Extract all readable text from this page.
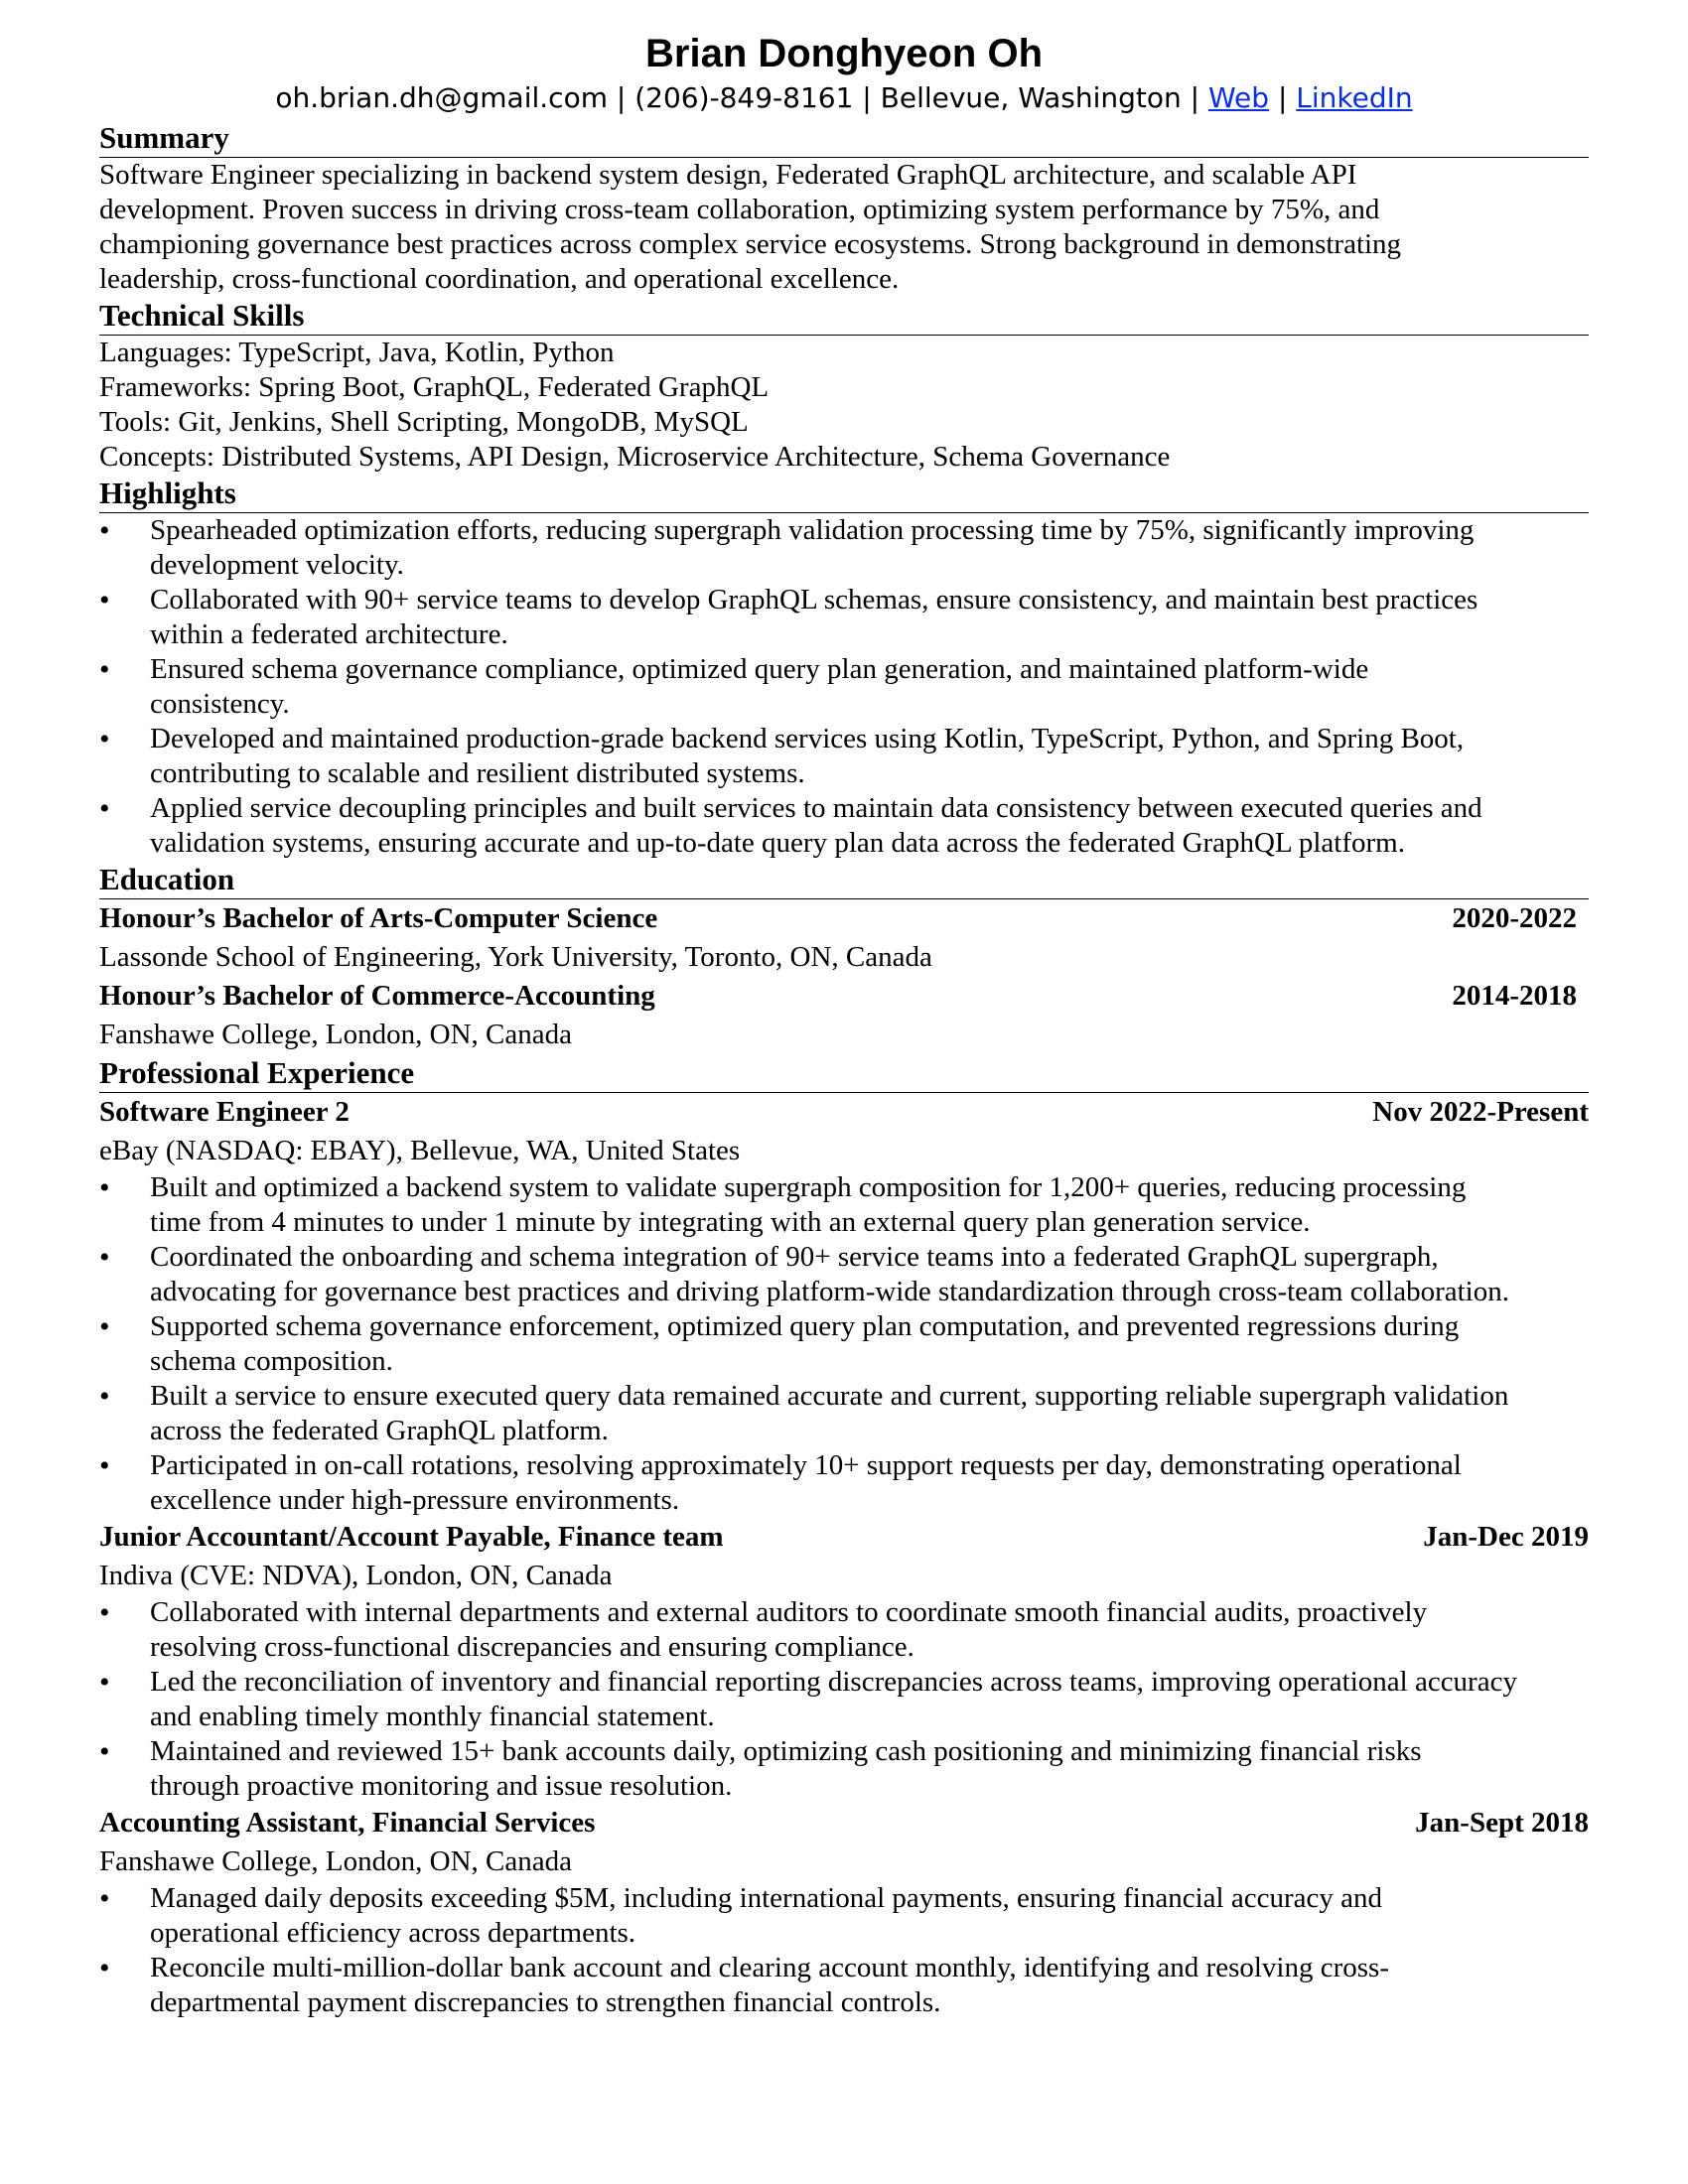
Brian Donghyeon Oh

oh.brian.dh@gmail.com | (206)-849-8161 | Bellevue, Washington | Web | LinkedIn

Summary
Software Engineer specializing in backend system design, Federated GraphQL architecture, and scalable API
development. Proven success in driving cross-team collaboration, optimizing system performance by 75%, and
championing governance best practices across complex service ecosystems. Strong background in demonstrating
leadership, cross-functional coordination, and operational excellence.
Technical Skills
Languages: TypeScript, Java, Kotlin, Python
Frameworks: Spring Boot, GraphQL, Federated GraphQL
Tools: Git, Jenkins, Shell Scripting, MongoDB, MySQL
Concepts: Distributed Systems, API Design, Microservice Architecture, Schema Governance
Highlights
• Spearheaded optimization efforts, reducing supergraph validation processing time by 75%, significantly improving
development velocity.
• Collaborated with 90+ service teams to develop GraphQL schemas, ensure consistency, and maintain best practices
within a federated architecture.
• Ensured schema governance compliance, optimized query plan generation, and maintained platform-wide
consistency.
• Developed and maintained production-grade backend services using Kotlin, TypeScript, Python, and Spring Boot,
contributing to scalable and resilient distributed systems.
• Applied service decoupling principles and built services to maintain data consistency between executed queries and
validation systems, ensuring accurate and up-to-date query plan data across the federated GraphQL platform.
Education
Honour’s Bachelor of Arts-Computer Science	2020-2022

Lassonde School of Engineering, York University, Toronto, ON, Canada

Honour’s Bachelor of Commerce-Accounting	2014-2018

Fanshawe College, London, ON, Canada

Professional Experience
Software Engineer 2	Nov 2022-Present

eBay (NASDAQ: EBAY), Bellevue, WA, United States

• Built and optimized a backend system to validate supergraph composition for 1,200+ queries, reducing processing
time from 4 minutes to under 1 minute by integrating with an external query plan generation service.
• Coordinated the onboarding and schema integration of 90+ service teams into a federated GraphQL supergraph,
advocating for governance best practices and driving platform-wide standardization through cross-team collaboration.
• Supported schema governance enforcement, optimized query plan computation, and prevented regressions during
schema composition.
• Built a service to ensure executed query data remained accurate and current, supporting reliable supergraph validation
across the federated GraphQL platform.
• Participated in on-call rotations, resolving approximately 10+ support requests per day, demonstrating operational
excellence under high-pressure environments.
Junior Accountant/Account Payable, Finance team	Jan-Dec 2019

Indiva (CVE: NDVA), London, ON, Canada

• Collaborated with internal departments and external auditors to coordinate smooth financial audits, proactively
resolving cross-functional discrepancies and ensuring compliance.
• Led the reconciliation of inventory and financial reporting discrepancies across teams, improving operational accuracy
and enabling timely monthly financial statement.
• Maintained and reviewed 15+ bank accounts daily, optimizing cash positioning and minimizing financial risks
through proactive monitoring and issue resolution.
Accounting Assistant, Financial Services	Jan-Sept 2018

Fanshawe College, London, ON, Canada

• Managed daily deposits exceeding $5M, including international payments, ensuring financial accuracy and
operational efficiency across departments.
• Reconcile multi-million-dollar bank account and clearing account monthly, identifying and resolving cross-
departmental payment discrepancies to strengthen financial controls.
